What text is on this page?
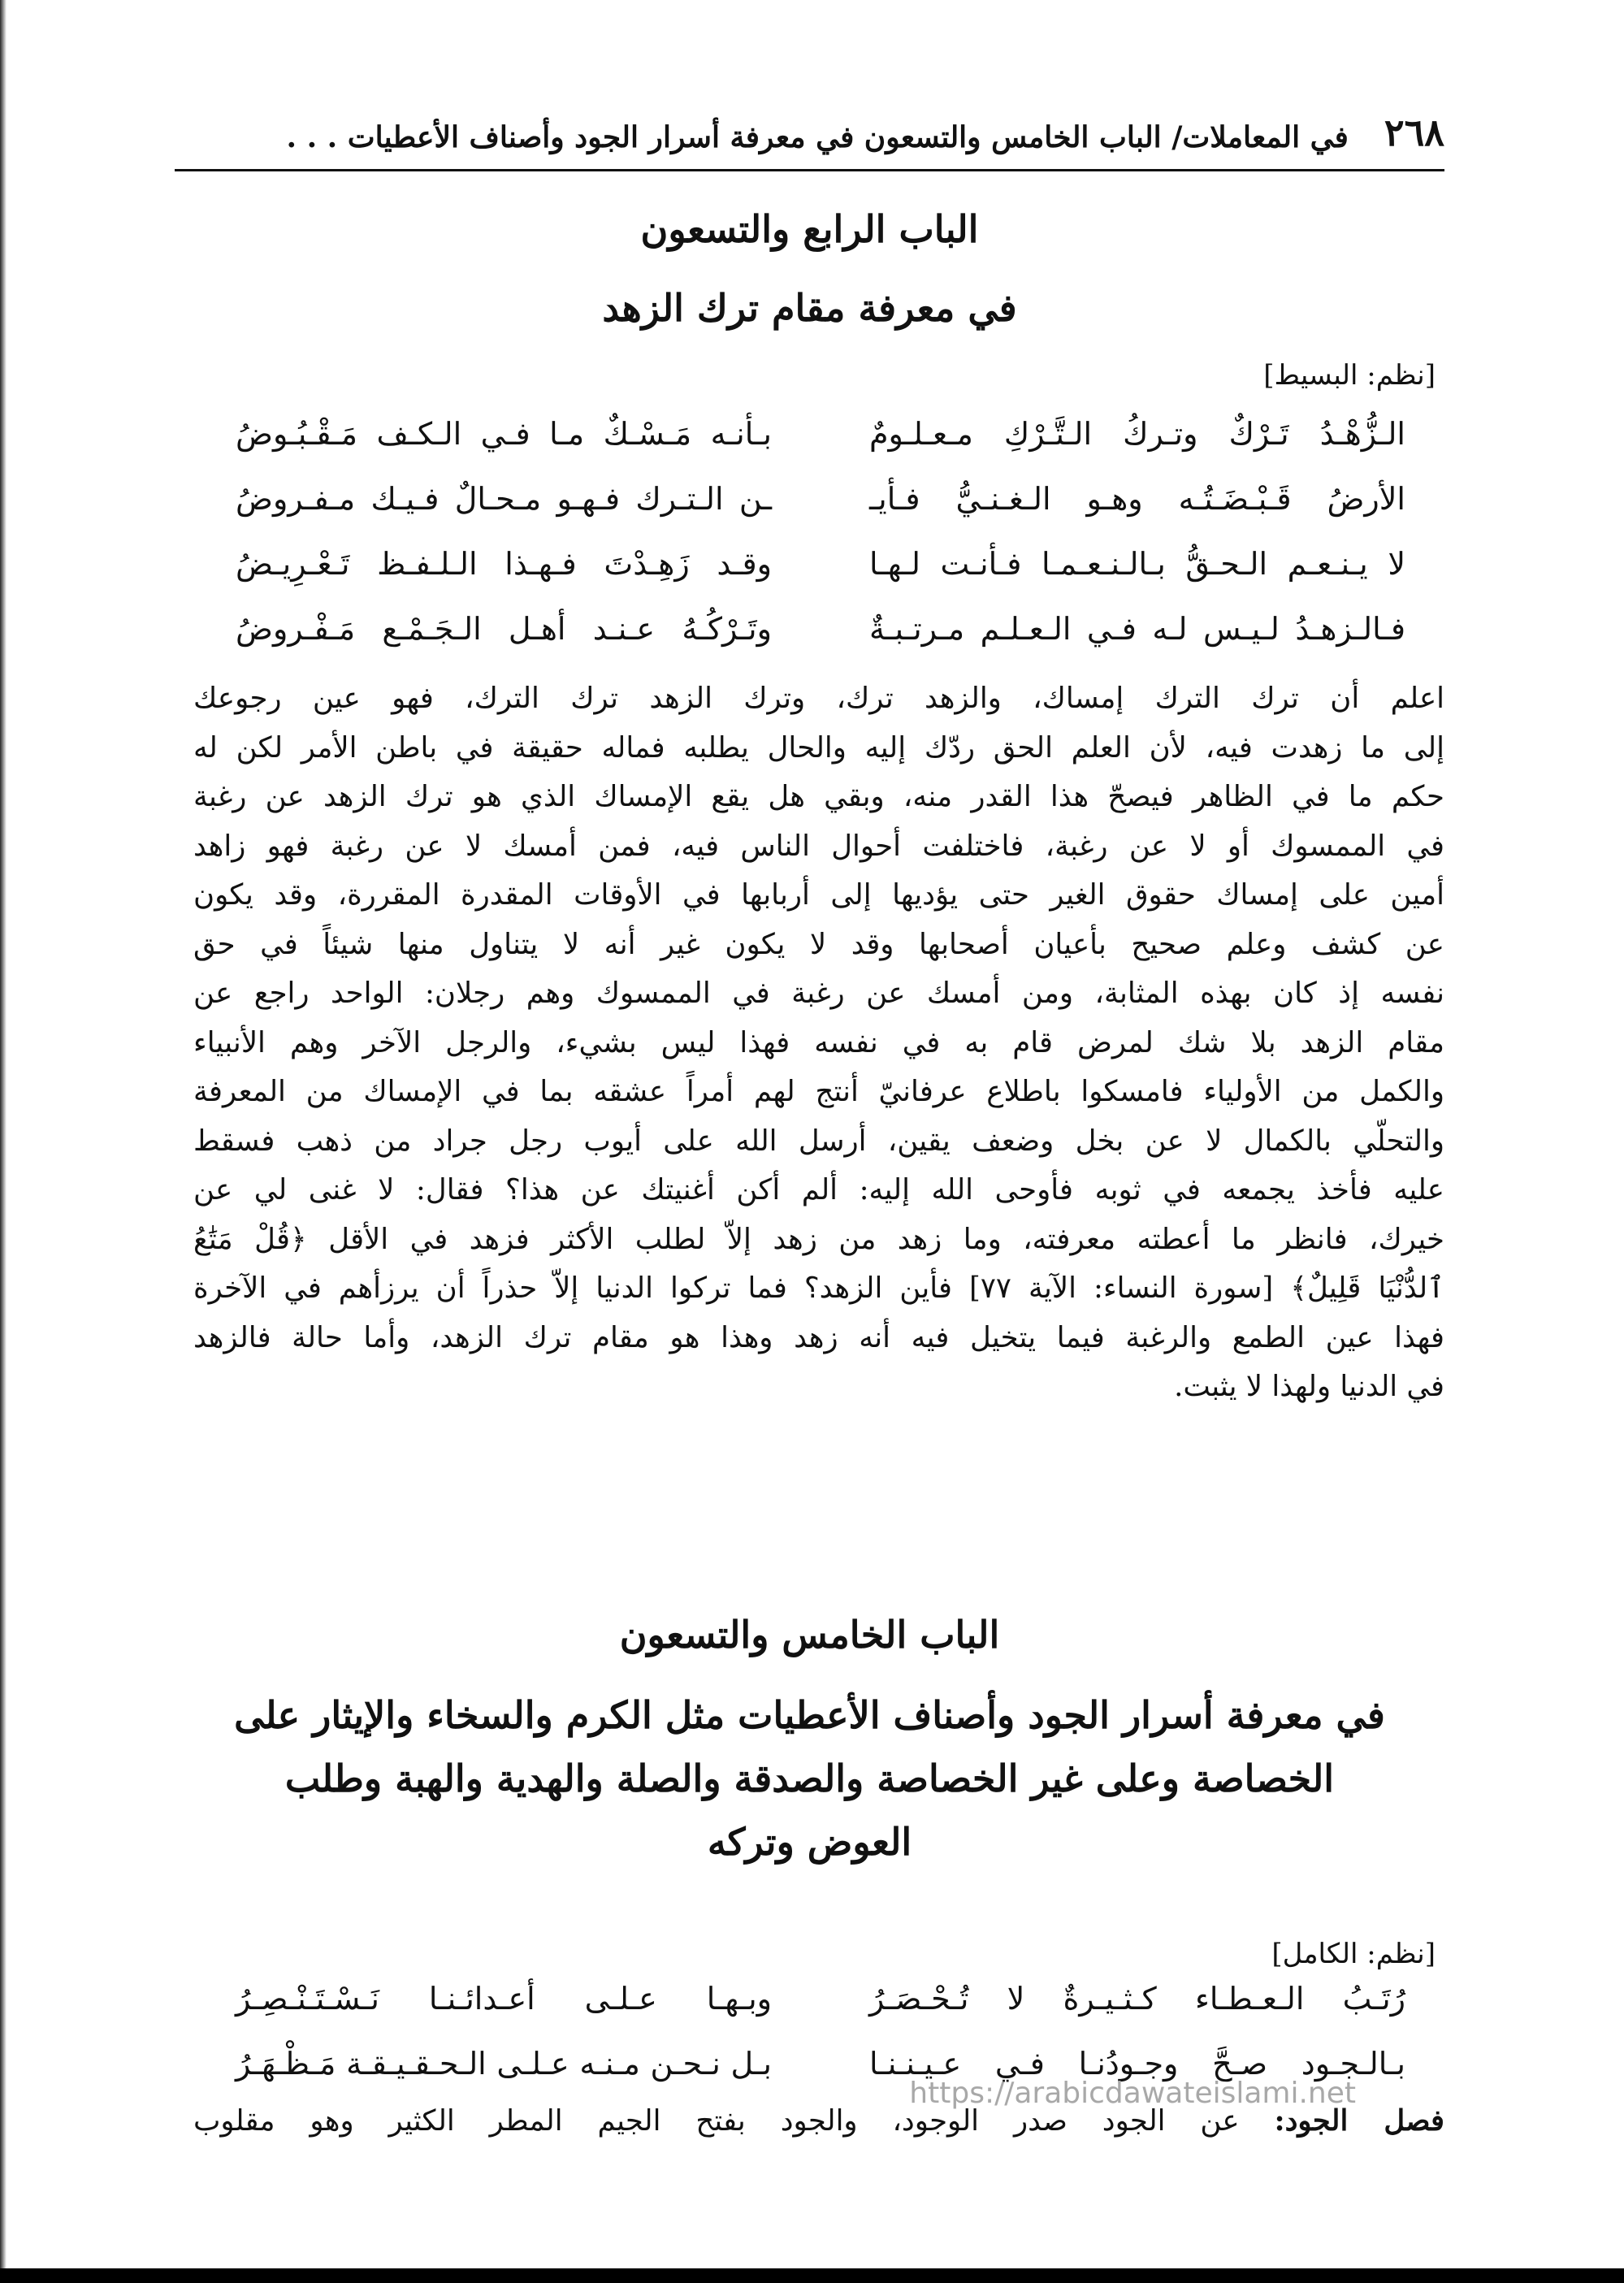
٢٦٨
في المعاملات/ الباب الخامس والتسعون في معرفة أسرار الجود وأصناف الأعطيات . . .
الباب الرابع والتسعون
في معرفة مقام ترك الزهد
[نظم: البسيط]
الـزُّهْـدُ تَـرْكٌ وتـركُ الـتَّـرْكِ مـعـلـومٌ
بـأنـه مَـسْـكٌ مـا فـي الـكـف مَـقْـبُـوضُ
الأرضُ قَـبْـضَـتُـه وهـو الـغـنـيُّ فـأيـ
ـن الـتـرك فـهـو مـحـالٌ فـيـك مـفـروضُ
لا يـنـعـم الـحـقُّ بـالـنـعـمـا فـأنـت لـهـا
وقـد زَهِـدْتَ فـهـذا الـلـفـظ تَـعْـرِيـضُ
فـالـزهـدُ لـيـس لـه فـي الـعـلـم مـرتـبـةٌ
وتَـرْكُـهُ عـنـد أهـل الـجَـمْـع مَـفْـروضُ
اعلم أن ترك الترك إمساك، والزهد ترك، وترك الزهد ترك الترك، فهو عين رجوعك
إلى ما زهدت فيه، لأن العلم الحق ردّك إليه والحال يطلبه فماله حقيقة في باطن الأمر لكن له
حكم ما في الظاهر فيصحّ هذا القدر منه، وبقي هل يقع الإمساك الذي هو ترك الزهد عن رغبة
في الممسوك أو لا عن رغبة، فاختلفت أحوال الناس فيه، فمن أمسك لا عن رغبة فهو زاهد
أمين على إمساك حقوق الغير حتى يؤديها إلى أربابها في الأوقات المقدرة المقررة، وقد يكون
عن كشف وعلم صحيح بأعيان أصحابها وقد لا يكون غير أنه لا يتناول منها شيئاً في حق
نفسه إذ كان بهذه المثابة، ومن أمسك عن رغبة في الممسوك وهم رجلان: الواحد راجع عن
مقام الزهد بلا شك لمرض قام به في نفسه فهذا ليس بشيء، والرجل الآخر وهم الأنبياء
والكمل من الأولياء فامسكوا باطلاع عرفانيّ أنتج لهم أمراً عشقه بما في الإمساك من المعرفة
والتحلّي بالكمال لا عن بخل وضعف يقين، أرسل الله على أيوب رجل جراد من ذهب فسقط
عليه فأخذ يجمعه في ثوبه فأوحى الله إليه: ألم أكن أغنيتك عن هذا؟ فقال: لا غنى لي عن
خيرك، فانظر ما أعطته معرفته، وما زهد من زهد إلاّ لطلب الأكثر فزهد في الأقل ﴿قُلْ مَتَٰعُ
ٱلدُّنْيَا قَلِيلٌ﴾ [سورة النساء: الآية ٧٧] فأين الزهد؟ فما تركوا الدنيا إلاّ حذراً أن يرزأهم في الآخرة
فهذا عين الطمع والرغبة فيما يتخيل فيه أنه زهد وهذا هو مقام ترك الزهد، وأما حالة فالزهد
في الدنيا ولهذا لا يثبت.
الباب الخامس والتسعون
في معرفة أسرار الجود وأصناف الأعطيات مثل الكرم والسخاء والإيثار على
الخصاصة وعلى غير الخصاصة والصدقة والصلة والهدية والهبة وطلب
العوض وتركه
[نظم: الكامل]
رُتَـبُ الـعـطـاء كـثـيـرةٌ لا تُـحْـصَـرُ
وبـهـا عـلـى أعـدائـنـا نَـسْـتَـنْـصِـرُ
بـالـجـود صـحَّ وجـودُنـا فـي عـيـنـنـا
بـل نـحـن مـنـه عـلـى الـحـقـيـقـة مَـظْـهَـرُ
فصل الجود: عن الجود صدر الوجود، والجود بفتح الجيم المطر الكثير وهو مقلوب
https://arabicdawateislami.net
